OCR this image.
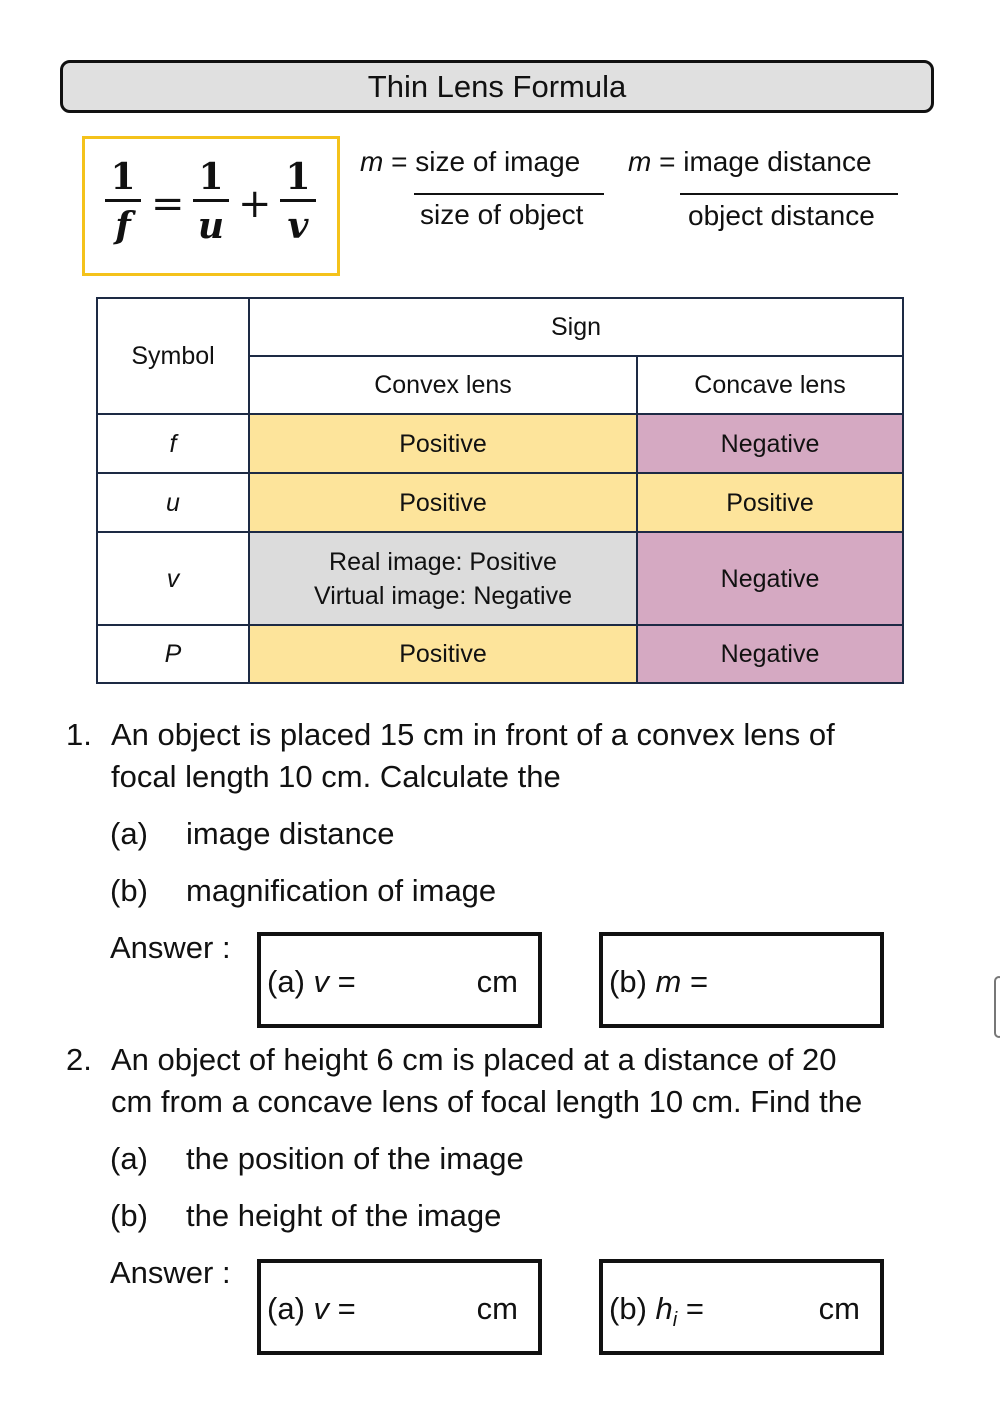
Thin Lens Formula
1
f =
1
u +
1
v
m = size of image
size of object
m = image distance
object distance
Symbol	Sign	
	Convex lens	Concave lens
f	Positive	Negative
u	Positive	Positive
v	Real image: Positive
Virtual image: Negative	Negative
P	Positive	Negative
1. An object is placed 15 cm in front of a convex lens of
focal length 10 cm. Calculate the
(a) image distance
(b) magnification of image
Answer :
(a) v =	cm	(b) m =
2. An object of height 6 cm is placed at a distance of 20
cm from a concave lens of focal length 10 cm. Find the
(a) the position of the image
(b) the height of the image
Answer :
(a) v =	cm	(b) $h_i$ =	cm
